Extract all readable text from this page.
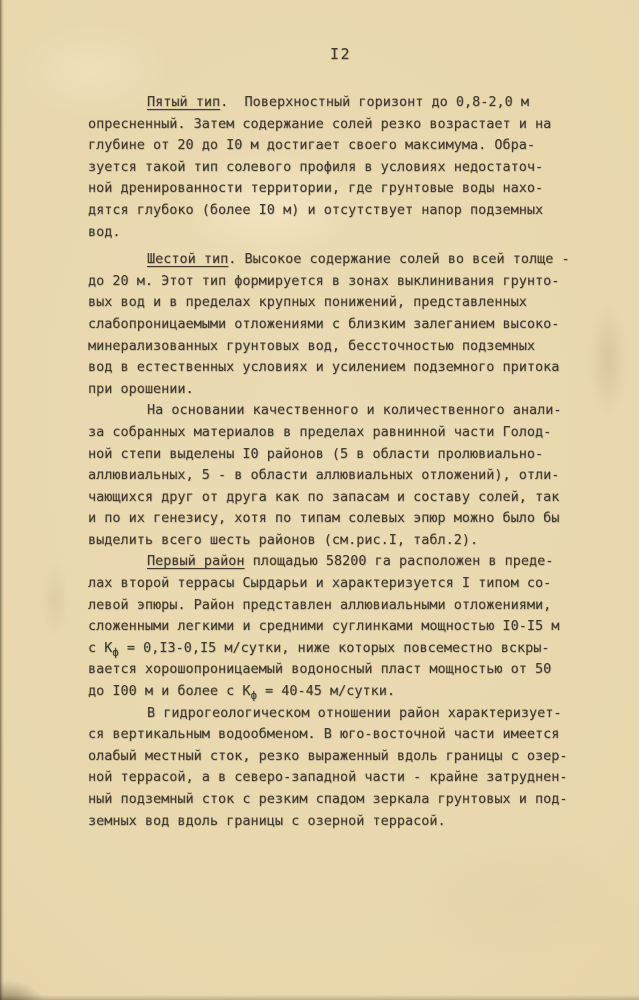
I2
Пятый тип.  Поверхностный горизонт до 0,8-2,0 м
опресненный. Затем содержание солей резко возрастает и на
глубине от 20 до I0 м достигает своего максимума. Обра-
зуется такой тип солевого профиля в условиях недостаточ-
ной дренированности территории, где грунтовые воды нахо-
дятся глубоко (более I0 м) и отсутствует напор подземных
вод.
Шестой тип. Высокое содержание солей во всей толще -
до 20 м. Этот тип формируется в зонах выклинивания грунто-
вых вод и в пределах крупных понижений, представленных
слабопроницаемыми отложениями с близким залеганием высоко-
минерализованных грунтовых вод, бессточностью подземных
вод в естественных условиях и усилением подземного притока
при орошении.
На основании качественного и количественного анали-
за собранных материалов в пределах равнинной части Голод-
ной степи выделены I0 районов (5 в области пролювиально-
аллювиальных, 5 - в области аллювиальных отложений), отли-
чающихся друг от друга как по запасам и составу солей, так
и по их генезису, хотя по типам солевых эпюр можно было бы
выделить всего шесть районов (см.рис.I, табл.2).
Первый район площадью 58200 га расположен в преде-
лах второй террасы Сырдарьи и характеризуется I типом со-
левой эпюры. Район представлен аллювиальными отложениями,
сложенными легкими и средними суглинками мощностью I0-I5 м
с $К_ф = 0,I3-0,I5$ м/сутки, ниже которых повсеместно вскры-
вается хорошопроницаемый водоносный пласт мощностью от 50
до I00 м и более с $К_ф = 40-45$ м/сутки.
В гидрогеологическом отношении район характеризует-
ся вертикальным водообменом. В юго-восточной части имеется
олабый местный сток, резко выраженный вдоль границы с озер-
ной террасой, а в северо-западной части - крайне затруднен-
ный подземный сток с резким спадом зеркала грунтовых и под-
земных вод вдоль границы с озерной террасой.
